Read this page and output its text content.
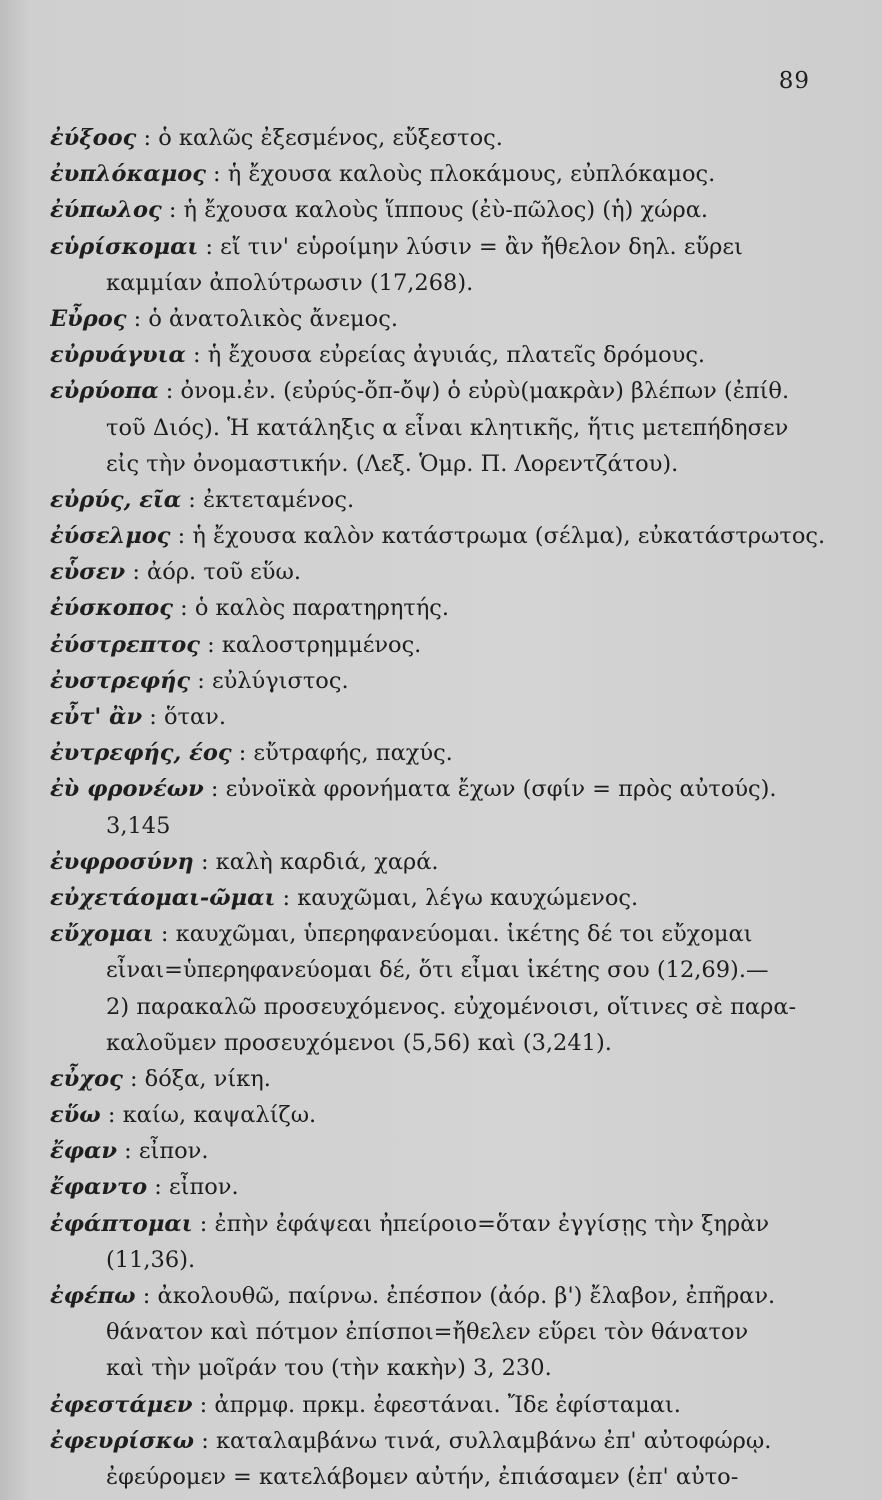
89
ἐύξοος : ὁ καλῶς ἐξεσμένος, εὔξεστος.
ἐυπλόκαμος : ἡ ἔχουσα καλοὺς πλοκάμους, εὐπλόκαμος.
ἐύπωλος : ἡ ἔχουσα καλοὺς ἵππους (ἐὺ-πῶλος) (ἡ) χώρα.
εὑρίσκομαι : εἴ τιν' εὑροίμην λύσιν = ἂν ἤθελον δηλ. εὕρει
καμμίαν ἀπολύτρωσιν (17,268).
Εὖρος : ὁ ἀνατολικὸς ἄνεμος.
εὐρυάγυια : ἡ ἔχουσα εὐρείας ἀγυιάς, πλατεῖς δρόμους.
εὐρύοπα : ὀνομ.ἐν. (εὐρύς-ὄπ-ὄψ) ὁ εὐρὺ(μακρὰν) βλέπων (ἐπίθ.
τοῦ Διός). Ἡ κατάληξις α εἶναι κλητικῆς, ἥτις μετεπήδησεν
εἰς τὴν ὀνομαστικήν. (Λεξ. Ὁμρ. Π. Λορεντζάτου).
εὐρύς, εῖα : ἐκτεταμένος.
ἐύσελμος : ἡ ἔχουσα καλὸν κατάστρωμα (σέλμα), εὐκατάστρωτος.
εὗσεν : ἀόρ. τοῦ εὕω.
ἐύσκοπος : ὁ καλὸς παρατηρητής.
ἐύστρεπτος : καλοστρημμένος.
ἐυστρεφής : εὐλύγιστος.
εὖτ' ἂν : ὅταν.
ἐυτρεφής, έος : εὔτραφής, παχύς.
ἐὺ φρονέων : εὐνοϊκὰ φρονήματα ἔχων (σφίν = πρὸς αὐτούς).
3,145
ἐυφροσύνη : καλὴ καρδιά, χαρά.
εὐχετάομαι-ῶμαι : καυχῶμαι, λέγω καυχώμενος.
εὔχομαι : καυχῶμαι, ὑπερηφανεύομαι. ἱκέτης δέ τοι εὔχομαι
εἶναι=ὑπερηφανεύομαι δέ, ὅτι εἶμαι ἱκέτης σου (12,69).—
2) παρακαλῶ προσευχόμενος. εὐχομένοισι, οἵτινες σὲ παρα-
καλοῦμεν προσευχόμενοι (5,56) καὶ (3,241).
εὖχος : δόξα, νίκη.
εὕω : καίω, καψαλίζω.
ἔφαν : εἶπον.
ἔφαντο : εἶπον.
ἐφάπτομαι : ἐπὴν ἐφάψεαι ἠπείροιο=ὅταν ἐγγίσῃς τὴν ξηρὰν
(11,36).
ἐφέπω : ἀκολουθῶ, παίρνω. ἐπέσπον (ἀόρ. β') ἔλαβον, ἐπῆραν.
θάνατον καὶ πότμον ἐπίσποι=ἤθελεν εὕρει τὸν θάνατον
καὶ τὴν μοῖράν του (τὴν κακὴν) 3, 230.
ἐφεστάμεν : ἀπρμφ. πρκμ. ἐφεστάναι. Ἴδε ἐφίσταμαι.
ἐφευρίσκω : καταλαμβάνω τινά, συλλαμβάνω ἐπ' αὐτοφώρῳ.
ἐφεύρομεν = κατελάβομεν αὐτήν, ἐπιάσαμεν (ἐπ' αὐτο-
